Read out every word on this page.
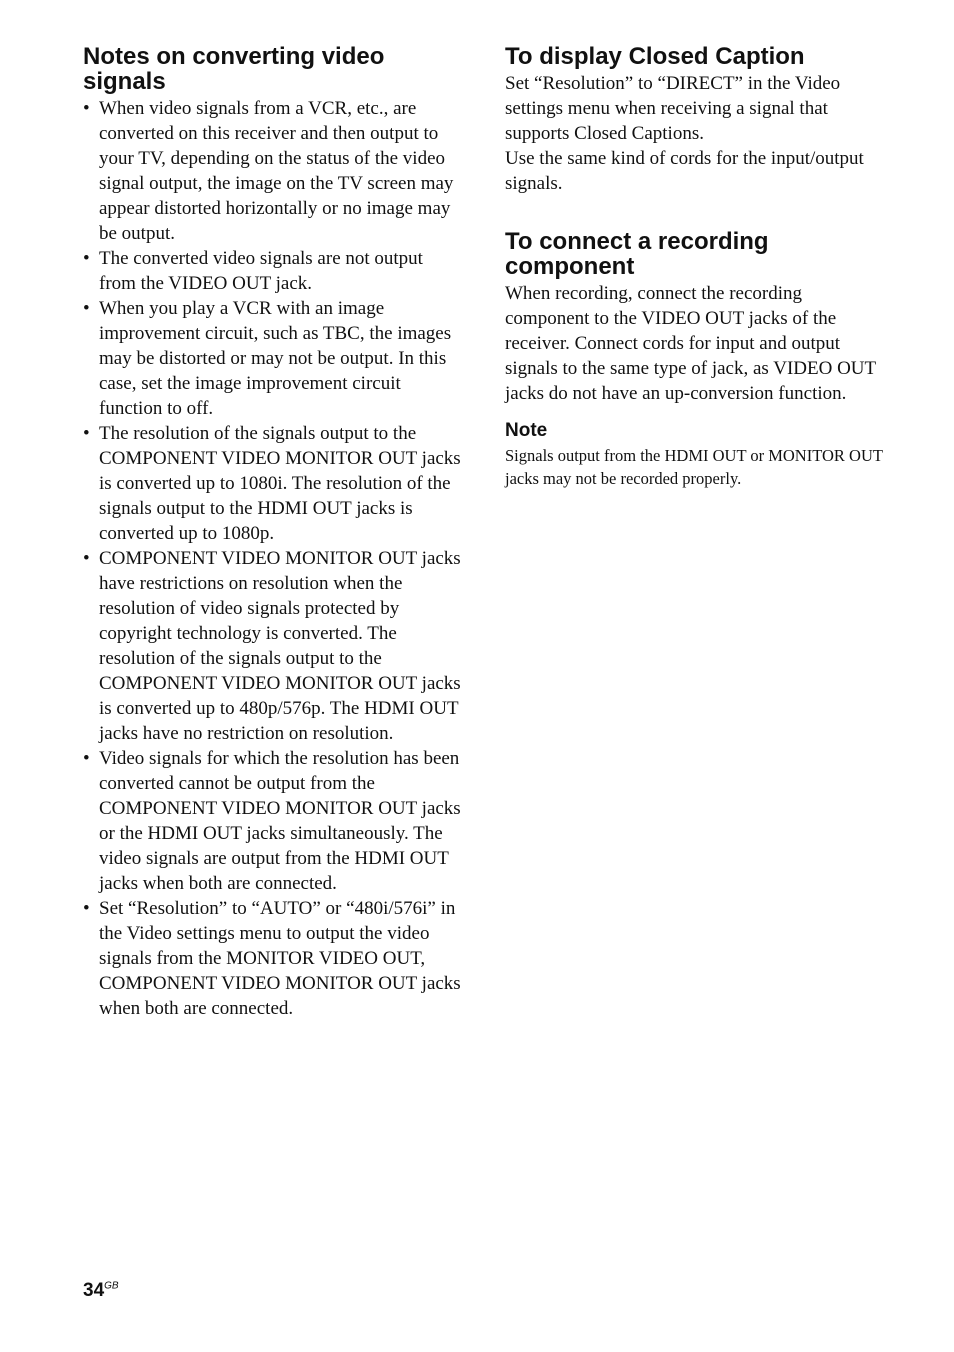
Notes on converting video signals
• When video signals from a VCR, etc., are converted on this receiver and then output to your TV, depending on the status of the video signal output, the image on the TV screen may appear distorted horizontally or no image may be output.
• The converted video signals are not output from the VIDEO OUT jack.
• When you play a VCR with an image improvement circuit, such as TBC, the images may be distorted or may not be output. In this case, set the image improvement circuit function to off.
• The resolution of the signals output to the COMPONENT VIDEO MONITOR OUT jacks is converted up to 1080i. The resolution of the signals output to the HDMI OUT jacks is converted up to 1080p.
• COMPONENT VIDEO MONITOR OUT jacks have restrictions on resolution when the resolution of video signals protected by copyright technology is converted. The resolution of the signals output to the COMPONENT VIDEO MONITOR OUT jacks is converted up to 480p/576p. The HDMI OUT jacks have no restriction on resolution.
• Video signals for which the resolution has been converted cannot be output from the COMPONENT VIDEO MONITOR OUT jacks or the HDMI OUT jacks simultaneously. The video signals are output from the HDMI OUT jacks when both are connected.
• Set “Resolution” to “AUTO” or “480i/576i” in the Video settings menu to output the video signals from the MONITOR VIDEO OUT, COMPONENT VIDEO MONITOR OUT jacks when both are connected.
To display Closed Caption

Set “Resolution” to “DIRECT” in the Video settings menu when receiving a signal that supports Closed Captions.

Use the same kind of cords for the input/output signals.

To connect a recording component

When recording, connect the recording component to the VIDEO OUT jacks of the receiver. Connect cords for input and output signals to the same type of jack, as VIDEO OUT jacks do not have an up-conversion function.

Note

Signals output from the HDMI OUT or MONITOR OUT jacks may not be recorded properly.

$34^{GB}$
